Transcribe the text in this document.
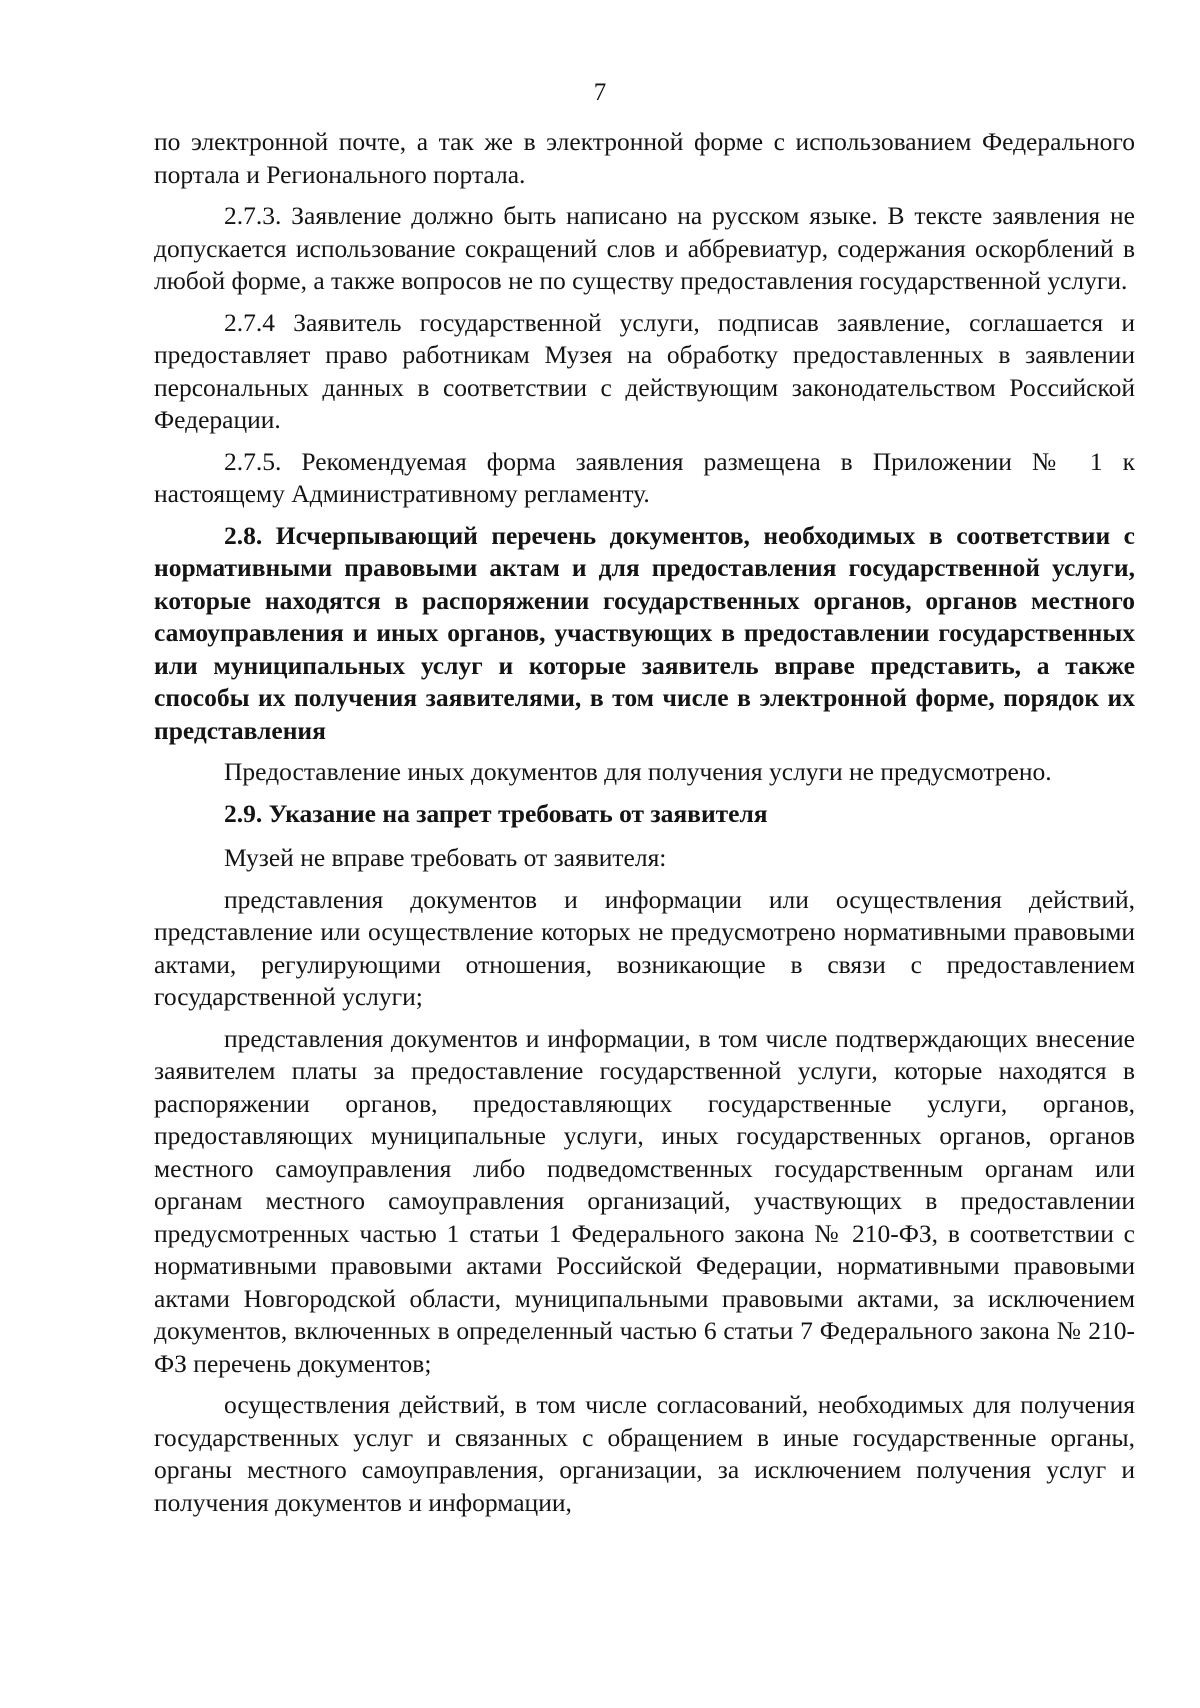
7

по электронной почте, а так же в электронной форме с использованием Федерального портала и Регионального портала.

2.7.3. Заявление должно быть написано на русском языке. В тексте заявления не допускается использование сокращений слов и аббревиатур, содержания оскорблений в любой форме, а также вопросов не по существу предоставления государственной услуги.

2.7.4 Заявитель государственной услуги, подписав заявление, соглашается и предоставляет право работникам Музея на обработку предоставленных в заявлении персональных данных в соответствии с действующим законодательством Российской Федерации.

2.7.5. Рекомендуемая форма заявления размещена в Приложении № 1 к настоящему Административному регламенту.

2.8. Исчерпывающий перечень документов, необходимых в соответствии с нормативными правовыми актам и для предоставления государственной услуги, которые находятся в распоряжении государственных органов, органов местного самоуправления и иных органов, участвующих в предоставлении государственных или муниципальных услуг и которые заявитель вправе представить, а также способы их получения заявителями, в том числе в электронной форме, порядок их представления

Предоставление иных документов для получения услуги не предусмотрено.

2.9. Указание на запрет требовать от заявителя

Музей не вправе требовать от заявителя:

представления документов и информации или осуществления действий, представление или осуществление которых не предусмотрено нормативными правовыми актами, регулирующими отношения, возникающие в связи с предоставлением государственной услуги;

представления документов и информации, в том числе подтверждающих внесение заявителем платы за предоставление государственной услуги, которые находятся в распоряжении органов, предоставляющих государственные услуги, органов, предоставляющих муниципальные услуги, иных государственных органов, органов местного самоуправления либо подведомственных государственным органам или органам местного самоуправления организаций, участвующих в предоставлении предусмотренных частью 1 статьи 1 Федерального закона № 210-ФЗ, в соответствии с нормативными правовыми актами Российской Федерации, нормативными правовыми актами Новгородской области, муниципальными правовыми актами, за исключением документов, включенных в определенный частью 6 статьи 7 Федерального закона № 210-ФЗ перечень документов;

осуществления действий, в том числе согласований, необходимых для получения государственных услуг и связанных с обращением в иные государственные органы, органы местного самоуправления, организации, за исключением получения услуг и получения документов и информации,
